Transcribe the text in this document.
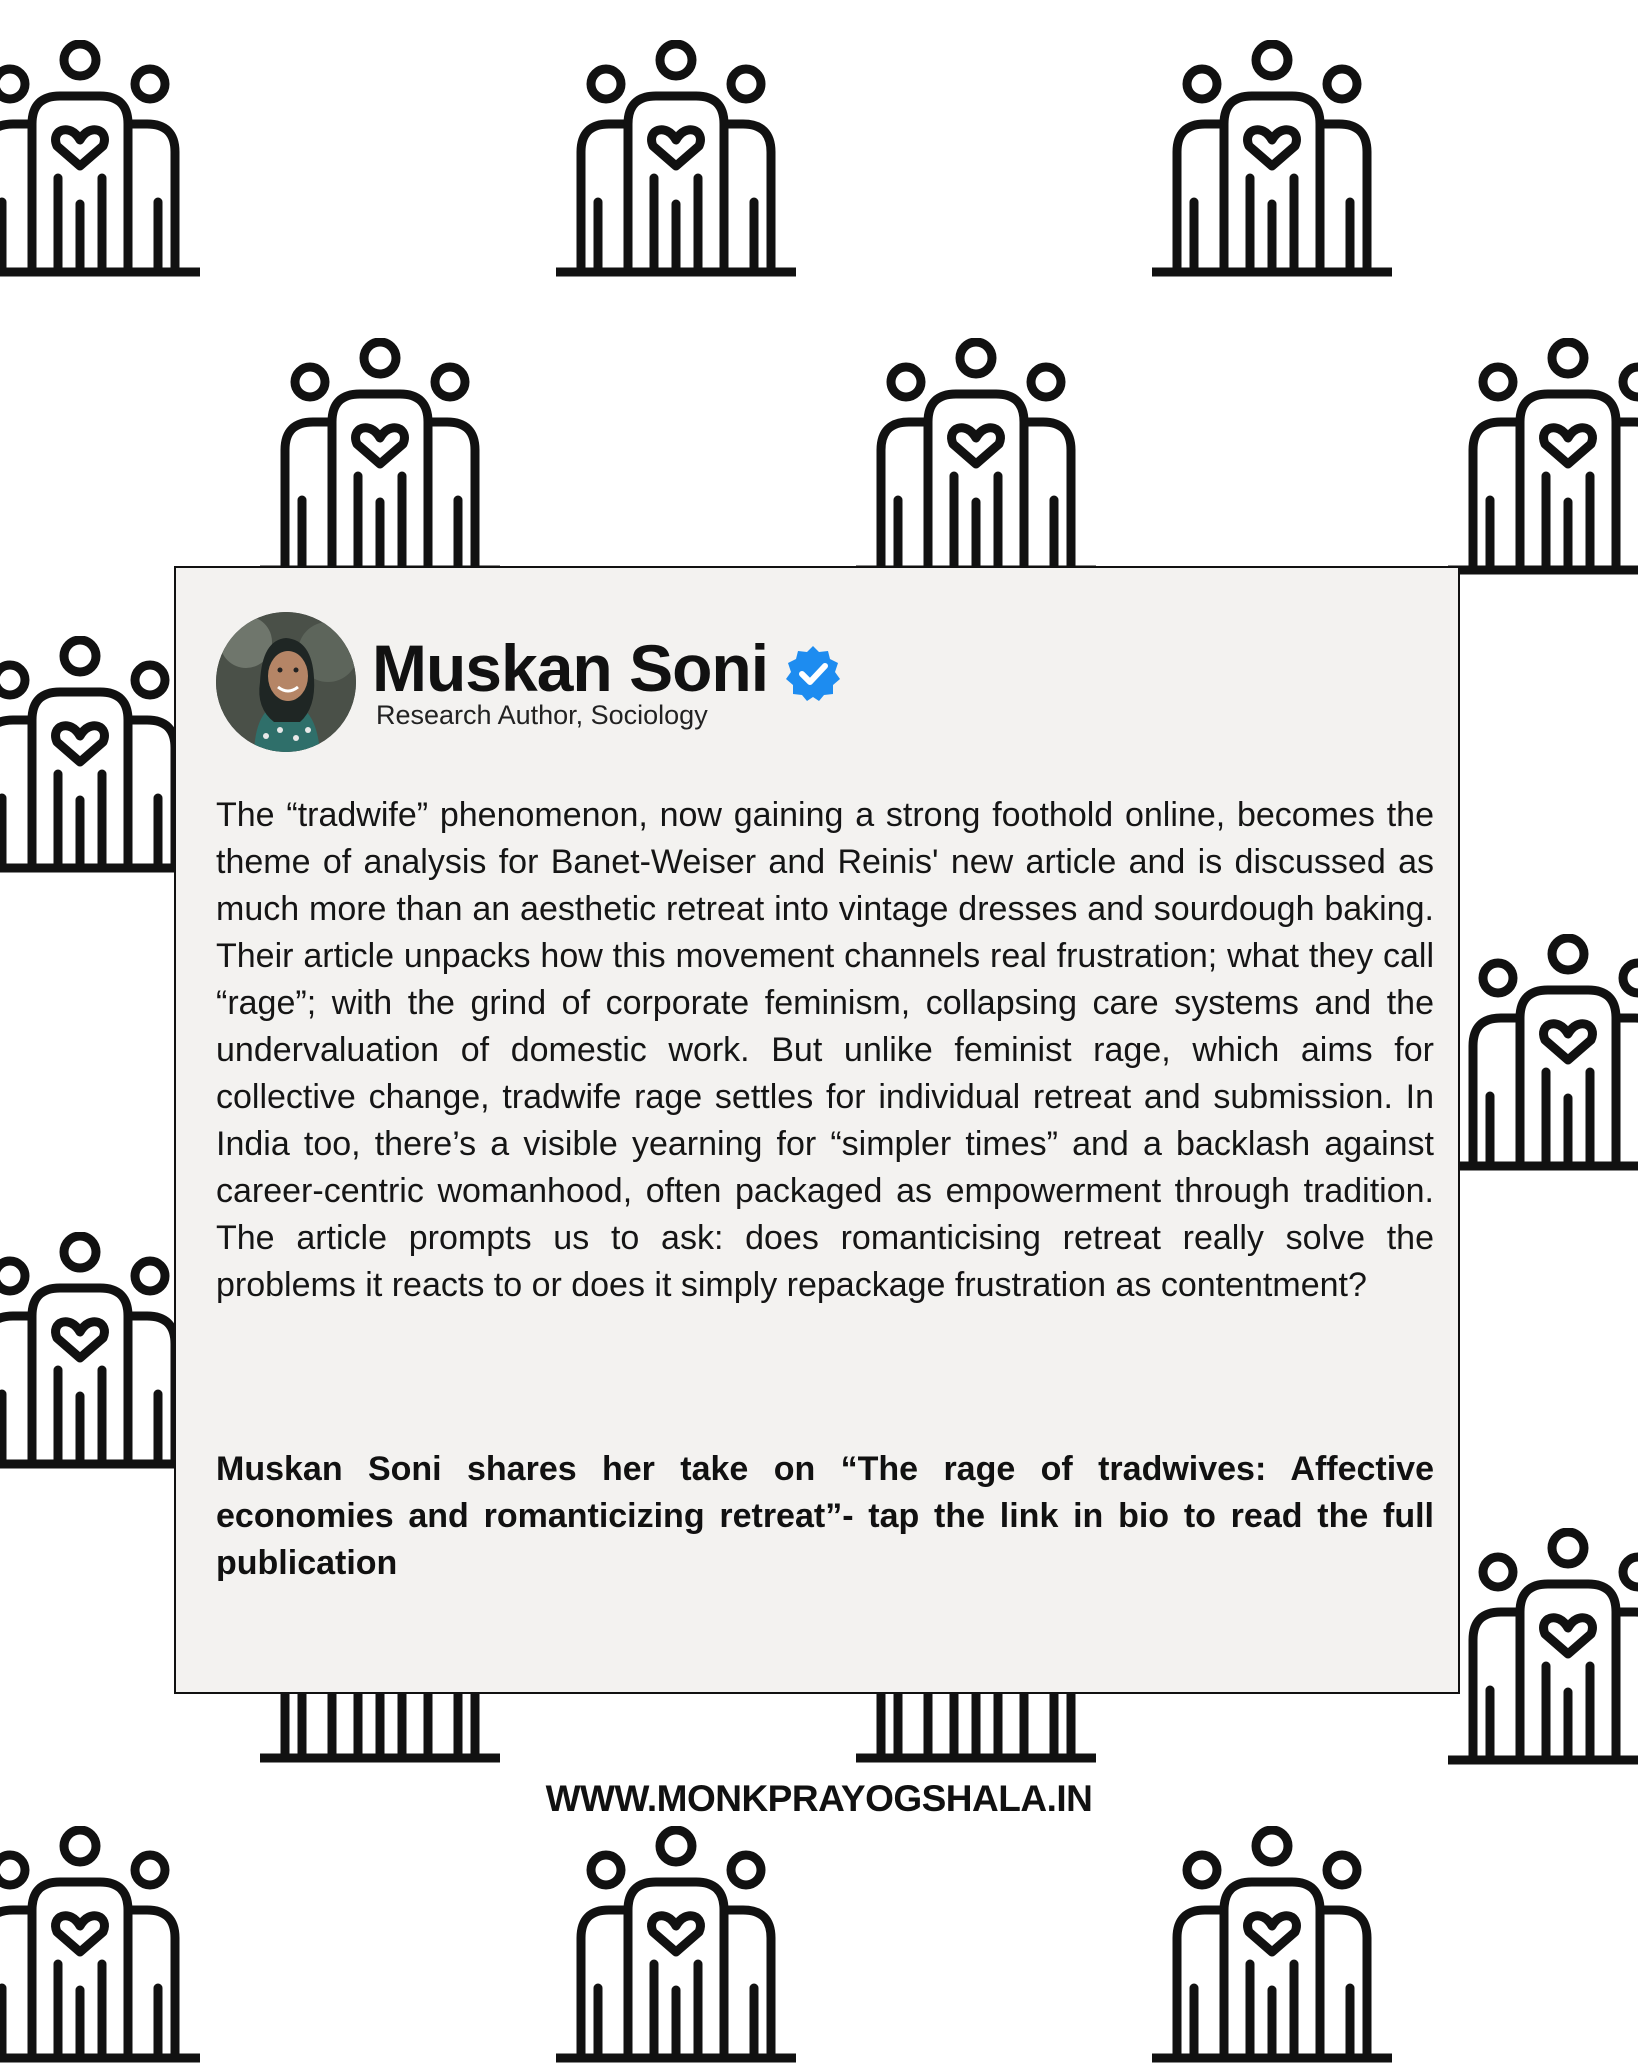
Muskan Soni
Research Author, Sociology

The “tradwife” phenomenon, now gaining a strong foothold online, becomes the theme of analysis for Banet-Weiser and Reinis' new article and is discussed as much more than an aesthetic retreat into vintage dresses and sourdough baking. Their article unpacks how this movement channels real frustration; what they call “rage”; with the grind of corporate feminism, collapsing care systems and the undervaluation of domestic work. But unlike feminist rage, which aims for collective change, tradwife rage settles for individual retreat and submission. In India too, there’s a visible yearning for “simpler times” and a backlash against career-centric womanhood, often packaged as empowerment through tradition. The article prompts us to ask: does romanticising retreat really solve the problems it reacts to or does it simply repackage frustration as contentment?

Muskan Soni shares her take on “The rage of tradwives: Affective economies and romanticizing retreat”- tap the link in bio to read the full publication

WWW.MONKPRAYOGSHALA.IN
